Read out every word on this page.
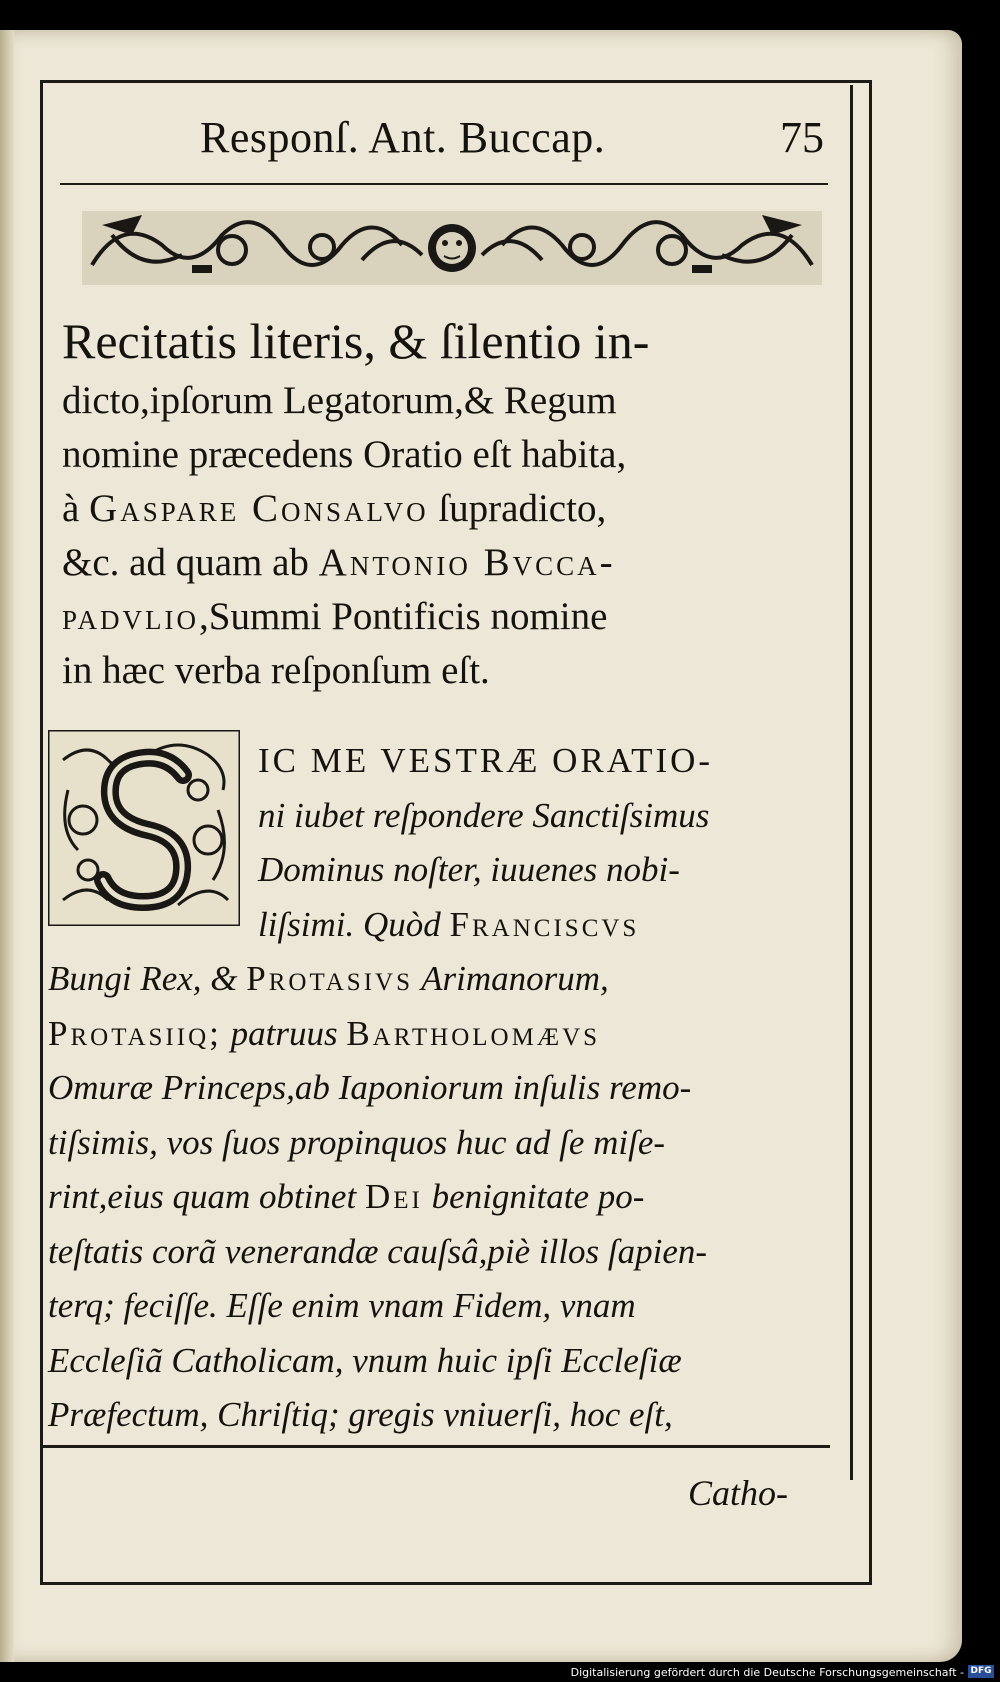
Responſ. Ant. Buccap.	75
Recitatis literis, & ſilentio in-
dicto,ipſorum Legatorum,& Regum
nomine præcedens Oratio eſt habita,
à Gaspare Consalvo ſupradicto,
&c. ad quam ab Antonio Bvcca-
padvlio,Summi Pontificis nomine
in hæc verba reſponſum eſt.
IC ME VESTRÆ ORATIO-
ni iubet reſpondere Sanctiſsimus
Dominus noſter, iuuenes nobi-
liſsimi. Quòd Franciscvs
Bungi Rex, & Protasivs Arimanorum,
Protasiiq; patruus Bartholomævs
Omuræ Princeps,ab Iaponiorum inſulis remo-
tiſsimis, vos ſuos propinquos huc ad ſe miſe-
rint,eius quam obtinet Dei benignitate po-
teſtatis corã venerandæ cauſsâ,piè illos ſapien-
terq; feciſſe. Eſſe enim vnam Fidem, vnam
Eccleſiã Catholicam, vnum huic ipſi Eccleſiæ
Præfectum, Chriſtiq; gregis vniuerſi, hoc eſt,
Catho-
Digitalisierung gefördert durch die Deutsche Forschungsgemeinschaft - DFG
